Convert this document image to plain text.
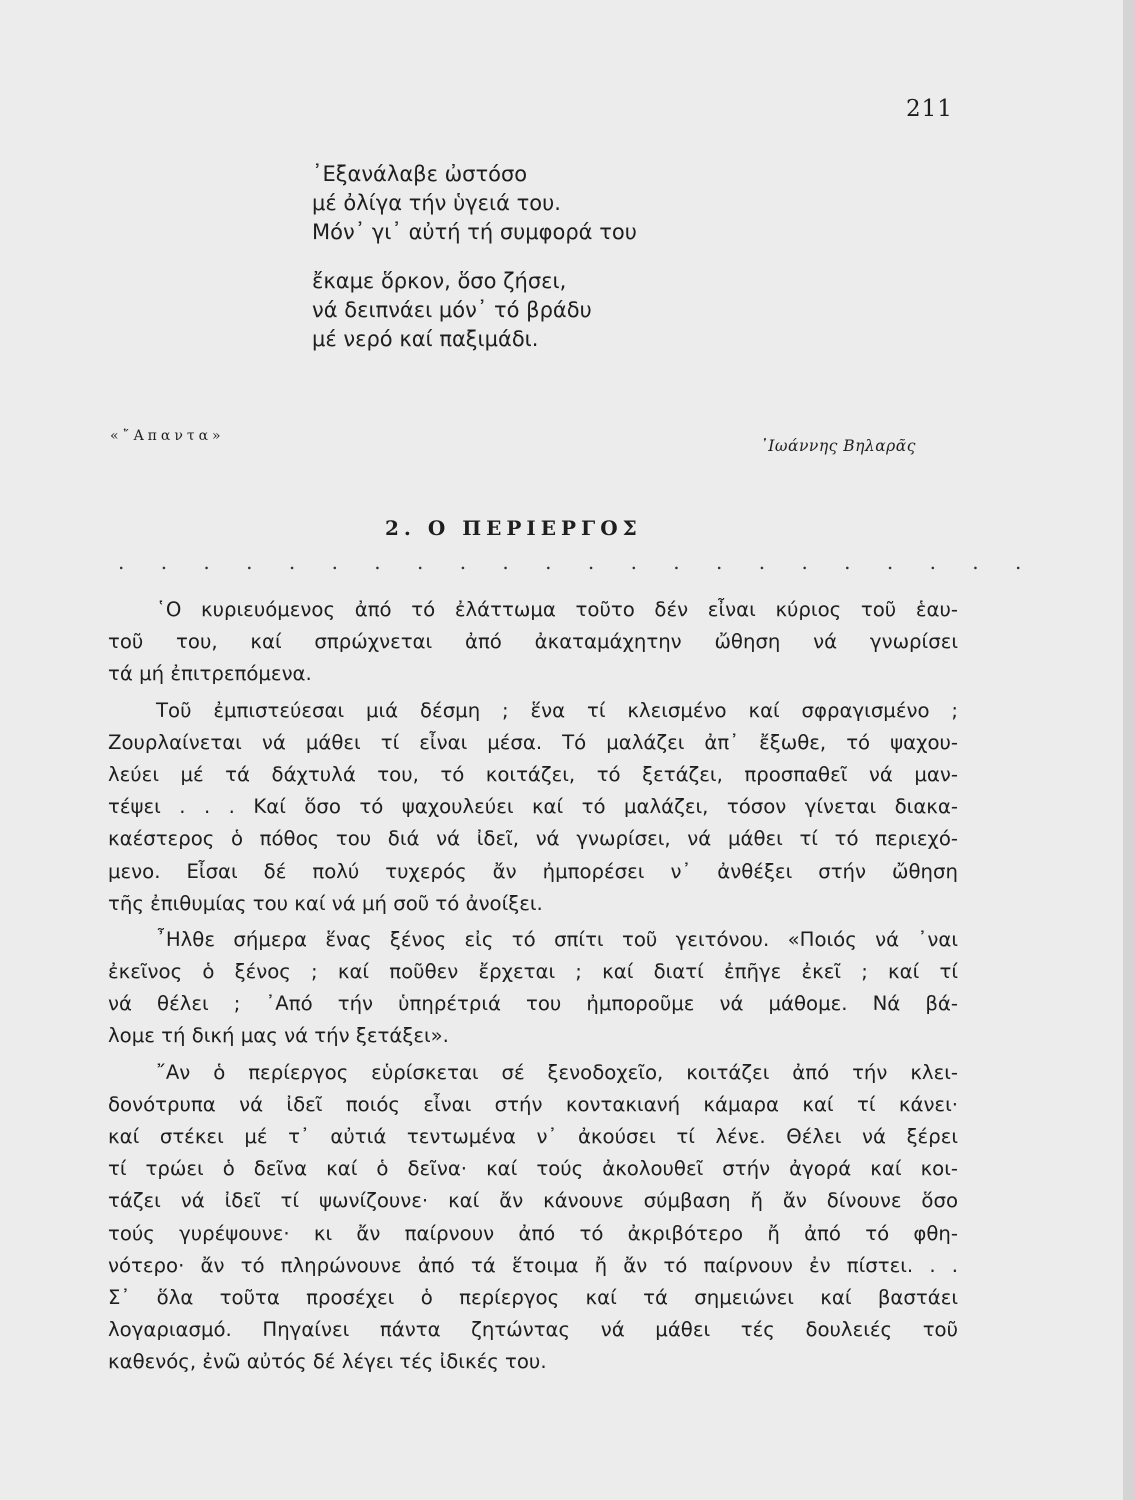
211
᾿Εξανάλαβε ὠστόσο
μέ ὀλίγα τήν ὑγειά του.
Μόν᾿ γι᾿ αὐτή τή συμφορά του
ἔκαμε ὅρκον, ὅσο ζήσει,
νά δειπνάει μόν᾿ τό βράδυ
μέ νερό καί παξιμάδι.
᾿Ιωάννης Βηλαρᾶς
«῎Απαντα»
2. Ο ΠΕΡΙΕΡΓΟΣ
. . . . . . . . . . . . . . . . . . . . . .
῾Ο κυριευόμενος ἀπό τό ἐλάττωμα τοῦτο δέν εἶναι κύριος τοῦ ἑαυ-
τοῦ του, καί σπρώχνεται ἀπό ἀκαταμάχητην ὤθηση νά γνωρίσει
τά μή ἐπιτρεπόμενα.
Τοῦ ἐμπιστεύεσαι μιά δέσμη ; ἕνα τί κλεισμένο καί σφραγισμένο ;
Ζουρλαίνεται νά μάθει τί εἶναι μέσα. Τό μαλάζει ἀπ᾿ ἔξωθε, τό ψαχου-
λεύει μέ τά δάχτυλά του, τό κοιτάζει, τό ξετάζει, προσπαθεῖ νά μαν-
τέψει . . . Καί ὅσο τό ψαχουλεύει καί τό μαλάζει, τόσον γίνεται διακα-
καέστερος ὁ πόθος του διά νά ἰδεῖ, νά γνωρίσει, νά μάθει τί τό περιεχό-
μενο. Εἶσαι δέ πολύ τυχερός ἄν ἠμπορέσει ν᾿ ἀνθέξει στήν ὤθηση
τῆς ἐπιθυμίας του καί νά μή σοῦ τό ἀνοίξει.
῏Ηλθε σήμερα ἕνας ξένος εἰς τό σπίτι τοῦ γειτόνου. «Ποιός νά ᾿ναι
ἐκεῖνος ὁ ξένος ; καί ποῦθεν ἔρχεται ; καί διατί ἐπῆγε ἐκεῖ ; καί τί
νά θέλει ; ᾿Από τήν ὑπηρέτριά του ἠμποροῦμε νά μάθομε. Νά βά-
λομε τή δική μας νά τήν ξετάξει».
῎Αν ὁ περίεργος εὑρίσκεται σέ ξενοδοχεῖο, κοιτάζει ἀπό τήν κλει-
δονότρυπα νά ἰδεῖ ποιός εἶναι στήν κοντακιανή κάμαρα καί τί κάνει·
καί στέκει μέ τ᾿ αὐτιά τεντωμένα ν᾿ ἀκούσει τί λένε. Θέλει νά ξέρει
τί τρώει ὁ δεῖνα καί ὁ δεῖνα· καί τούς ἀκολουθεῖ στήν ἀγορά καί κοι-
τάζει νά ἰδεῖ τί ψωνίζουνε· καί ἄν κάνουνε σύμβαση ἤ ἄν δίνουνε ὅσο
τούς γυρέψουνε· κι ἄν παίρνουν ἀπό τό ἀκριβότερο ἤ ἀπό τό φθη-
νότερο· ἄν τό πληρώνουνε ἀπό τά ἕτοιμα ἤ ἄν τό παίρνουν ἐν πίστει. . .
Σ᾿ ὅλα τοῦτα προσέχει ὁ περίεργος καί τά σημειώνει καί βαστάει
λογαριασμό. Πηγαίνει πάντα ζητώντας νά μάθει τές δουλειές τοῦ
καθενός, ἐνῶ αὐτός δέ λέγει τές ἰδικές του.
